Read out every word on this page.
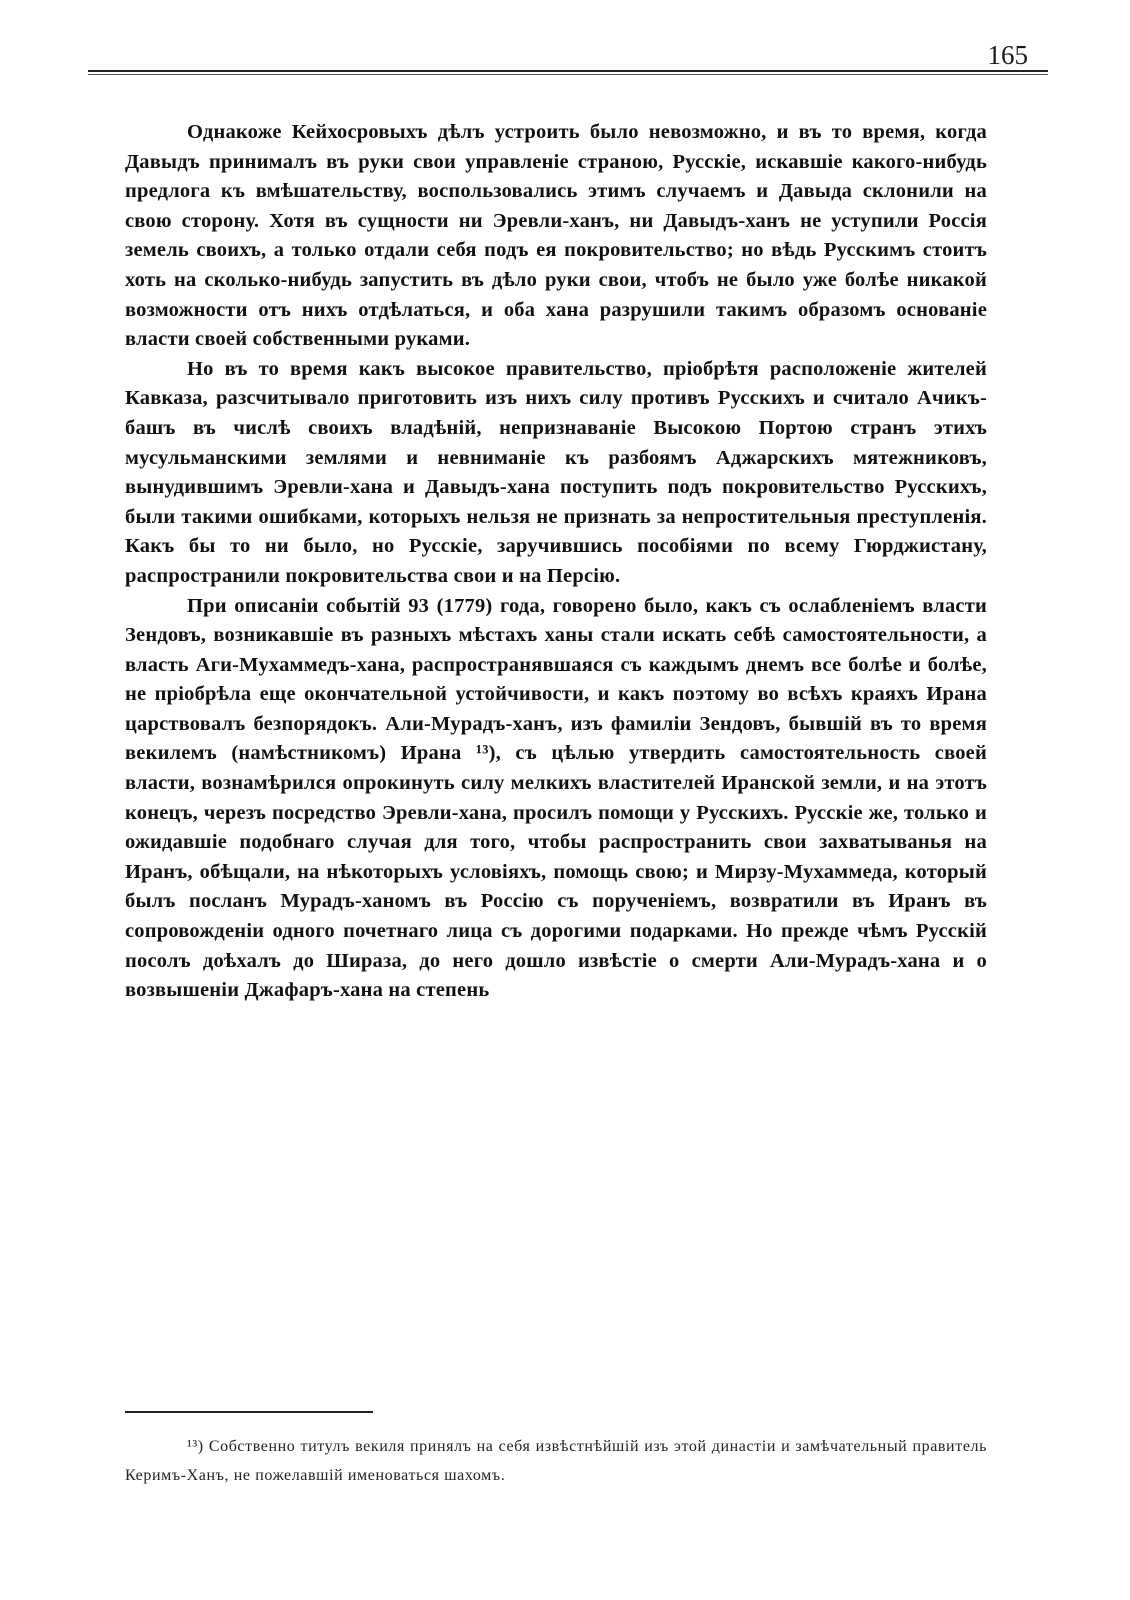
165

Однакоже Кейхосровыхъ дѣлъ устроить было невозможно, и въ то время, когда Давыдъ принималъ въ руки свои управленіе страною, Русскіе, искавшіе какого-нибудь предлога къ вмѣшательству, воспользовались этимъ случаемъ и Давыда склонили на свою сторону. Хотя въ сущности ни Эревли-ханъ, ни Давыдъ-ханъ не уступили Россія земель своихъ, а только отдали себя подъ ея покровительство; но вѣдь Русскимъ стоитъ хоть на сколько-нибудь запустить въ дѣло руки свои, чтобъ не было уже болѣе никакой возможности отъ нихъ отдѣлаться, и оба хана разрушили такимъ образомъ основаніе власти своей собственными руками.

Но въ то время какъ высокое правительство, пріобрѣтя расположеніе жителей Кавказа, разсчитывало приготовить изъ нихъ силу противъ Русскихъ и считало Ачикъ-башъ въ числѣ своихъ владѣній, непризнаваніе Высокою Портою странъ этихъ мусульманскими землями и невниманіе къ разбоямъ Аджарскихъ мятежниковъ, вынудившимъ Эревли-хана и Давыдъ-хана поступить подъ покровительство Русскихъ, были такими ошибками, которыхъ нельзя не признать за непростительныя преступленія. Какъ бы то ни было, но Русскіе, заручившись пособіями по всему Гюрджистану, распространили покровительства свои и на Персію.

При описаніи событій 93 (1779) года, говорено было, какъ съ ослабленіемъ власти Зендовъ, возникавшіе въ разныхъ мѣстахъ ханы стали искать себѣ самостоятельности, а власть Аги-Мухаммедъ-хана, распространявшаяся съ каждымъ днемъ все болѣе и болѣе, не пріобрѣла еще окончательной устойчивости, и какъ поэтому во всѣхъ краяхъ Ирана царствовалъ безпорядокъ. Али-Мурадъ-ханъ, изъ фамиліи Зендовъ, бывшій въ то время векилемъ (намѣстникомъ) Ирана ¹³), съ цѣлью утвердить самостоятельность своей власти, вознамѣрился опрокинуть силу мелкихъ властителей Иранской земли, и на этотъ конецъ, черезъ посредство Эревли-хана, просилъ помощи у Русскихъ. Русскіе же, только и ожидавшіе подобнаго случая для того, чтобы распространить свои захватыванья на Иранъ, обѣщали, на нѣкоторыхъ условіяхъ, помощь свою; и Мирзу-Мухаммеда, который былъ посланъ Мурадъ-ханомъ въ Россію съ порученіемъ, возвратили въ Иранъ въ сопровожденіи одного почетнаго лица съ дорогими подарками. Но прежде чѣмъ Русскій посолъ доѣхалъ до Шираза, до него дошло извѣстіе о смерти Али-Мурадъ-хана и о возвышеніи Джафаръ-хана на степень

¹³) Собственно титулъ векиля принялъ на себя извѣстнѣйшій изъ этой династіи и замѣчательный правитель Керимъ-Ханъ, не пожелавшій именоваться шахомъ.
